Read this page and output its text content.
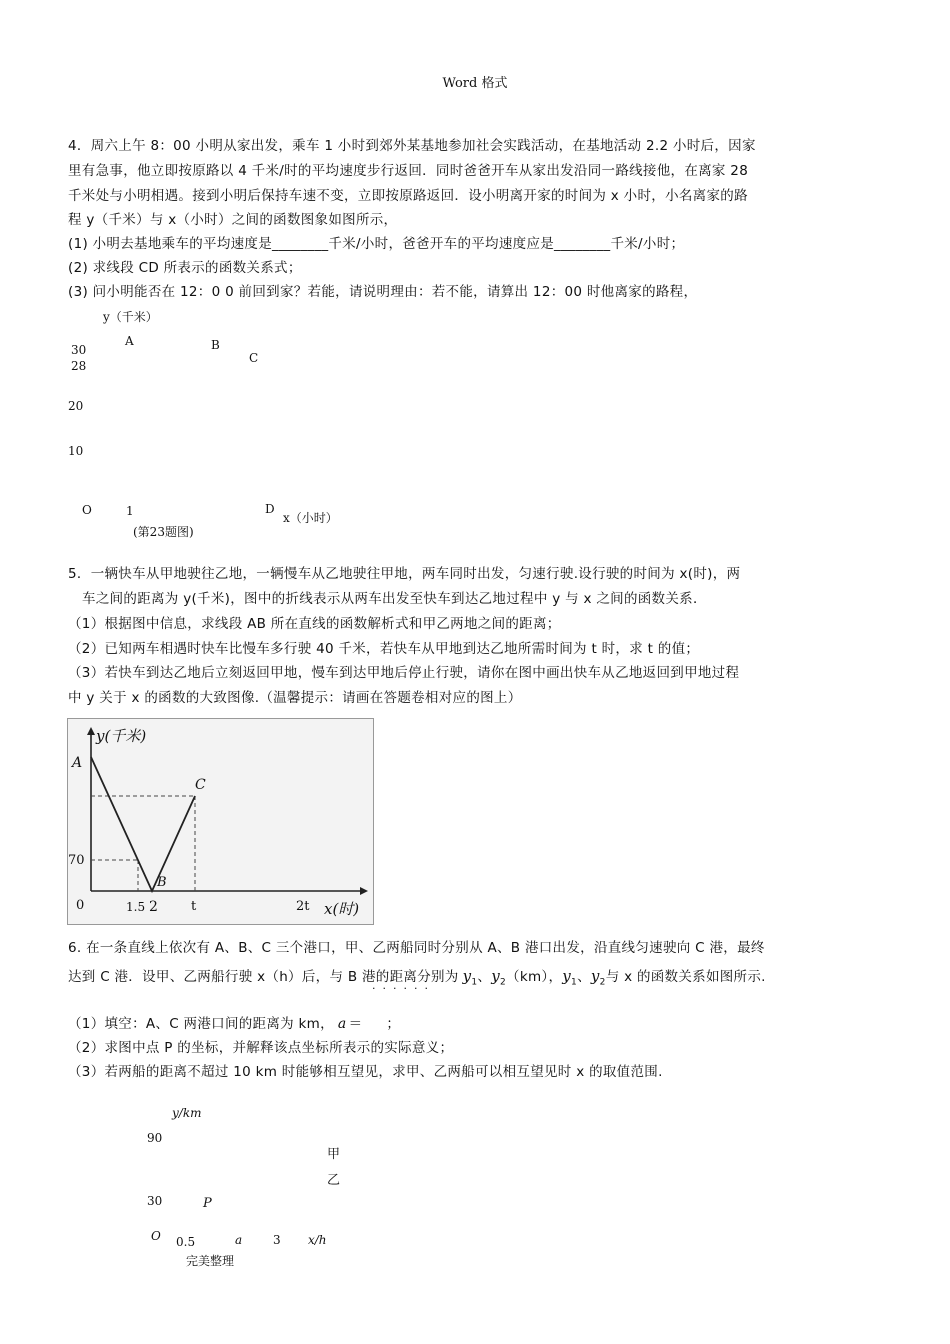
Word 格式
4．周六上午 8：00 小明从家出发，乘车 1 小时到郊外某基地参加社会实践活动，在基地活动 2.2 小时后，因家
里有急事，他立即按原路以 4 千米/时的平均速度步行返回．同时爸爸开车从家出发沿同一路线接他，在离家 28
千米处与小明相遇。接到小明后保持车速不变，立即按原路返回．设小明离开家的时间为 x 小时，小名离家的路
程 y（千米）与 x（小时）之间的函数图象如图所示，
(1) 小明去基地乘车的平均速度是________千米/小时，爸爸开车的平均速度应是________千米/小时；
(2) 求线段 CD 所表示的函数关系式；
(3) 问小明能否在 12：0 0 前回到家？若能，请说明理由：若不能，请算出 12：00 时他离家的路程，
y（千米）
A	B
C
30
28
20
10
O	1	D
x（小时）
(第23题图)
5．一辆快车从甲地驶往乙地，一辆慢车从乙地驶往甲地，两车同时出发，匀速行驶.设行驶的时间为 x(时)，两
车之间的距离为 y(千米)，图中的折线表示从两车出发至快车到达乙地过程中 y 与 x 之间的函数关系．
（1）根据图中信息，求线段 AB 所在直线的函数解析式和甲乙两地之间的距离；
（2）已知两车相遇时快车比慢车多行驶 40 千米，若快车从甲地到达乙地所需时间为 t 时，求 t 的值；
（3）若快车到达乙地后立刻返回甲地，慢车到达甲地后停止行驶，请你在图中画出快车从乙地返回到甲地过程
中 y 关于 x 的函数的大致图像.（温馨提示：请画在答题卷相对应的图上）
y(千米)
A
C
B
70
0	1.5 2	t	2t x(时)
6. 在一条直线上依次有 A、B、C 三个港口，甲、乙两船同时分别从 A、B 港口出发，沿直线匀速驶向 C 港，最终
达到 C 港．设甲、乙两船行驶 x（h）后，与 B 港的距离分别为 $y_1$、$y_2(km)$，$y_1$、$y_2$与 x 的函数关系如图所示.
······
（1）填空：A、C 两港口间的距离为 km， a ＝ ；
（2）求图中点 P 的坐标，并解释该点坐标所表示的实际意义；
（3）若两船的距离不超过 10 km 时能够相互望见，求甲、乙两船可以相互望见时 x 的取值范围.
y/km
90
甲
乙
30	P
O 0.5	a	3 x/h
完美整理
